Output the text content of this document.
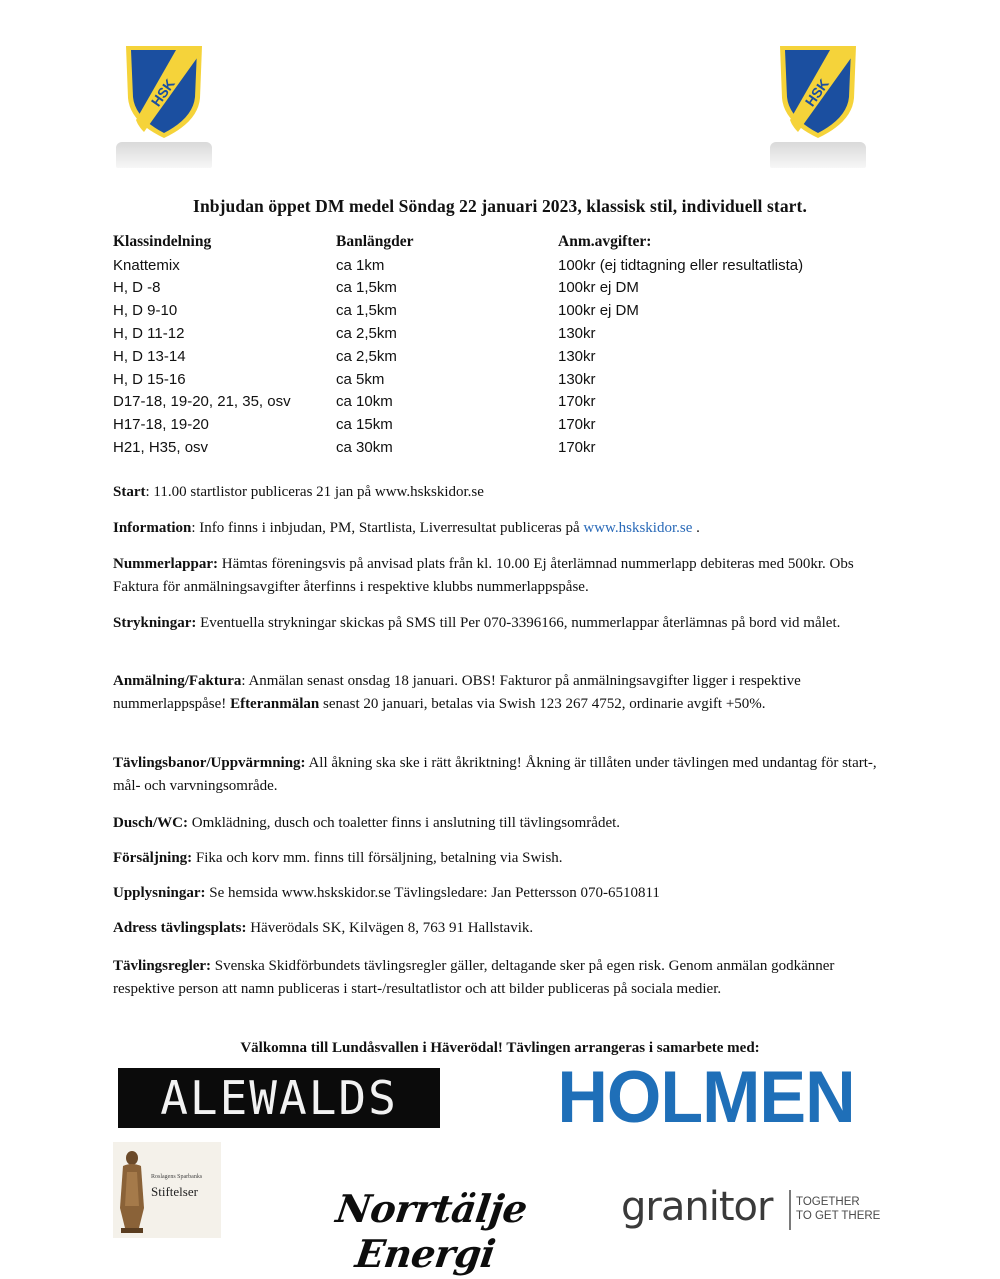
HSK	HSK
Inbjudan öppet DM medel Söndag 22 januari 2023, klassisk stil, individuell start.
Klassindelning	Banlängder	Anm.avgifter:
Knattemix	ca 1km	100kr (ej tidtagning eller resultatlista)
H, D -8	ca 1,5km	100kr ej DM
H, D 9-10	ca 1,5km	100kr ej DM
H, D 11-12	ca 2,5km	130kr
H, D 13-14	ca 2,5km	130kr
H, D 15-16	ca 5km	130kr
D17-18, 19-20, 21, 35, osv	ca 10km	170kr
H17-18, 19-20	ca 15km	170kr
H21, H35, osv	ca 30km	170kr

Start: 11.00 startlistor publiceras 21 jan på www.hskskidor.se

Information: Info finns i inbjudan, PM, Startlista, Liverresultat publiceras på www.hskskidor.se .

Nummerlappar: Hämtas föreningsvis på anvisad plats från kl. 10.00 Ej återlämnad nummerlapp debiteras med 500kr. Obs Faktura för anmälningsavgifter återfinns i respektive klubbs nummerlappspåse.

Strykningar: Eventuella strykningar skickas på SMS till Per 070-3396166, nummerlappar återlämnas på bord vid målet.

Anmälning/Faktura: Anmälan senast onsdag 18 januari. OBS! Fakturor på anmälningsavgifter ligger i respektive nummerlappspåse! Efteranmälan senast 20 januari, betalas via Swish 123 267 4752, ordinarie avgift +50%.

Tävlingsbanor/Uppvärmning: All åkning ska ske i rätt åkriktning! Åkning är tillåten under tävlingen med undantag för start-, mål- och varvningsområde.

Dusch/WC: Omklädning, dusch och toaletter finns i anslutning till tävlingsområdet.

Försäljning: Fika och korv mm. finns till försäljning, betalning via Swish.

Upplysningar: Se hemsida www.hskskidor.se Tävlingsledare: Jan Pettersson 070-6510811

Adress tävlingsplats: Häverödals SK, Kilvägen 8, 763 91 Hallstavik.

Tävlingsregler: Svenska Skidförbundets tävlingsregler gäller, deltagande sker på egen risk. Genom anmälan godkänner respektive person att namn publiceras i start-/resultatlistor och att bilder publiceras på sociala medier.

Välkomna till Lundåsvallen i Häverödal! Tävlingen arrangeras i samarbete med:
ALEWALDS	HOLMEN
Roslagens Sparbanks
Stiftelser	Norrtälje Energi
granitor TOGETHER
TO GET THERE
